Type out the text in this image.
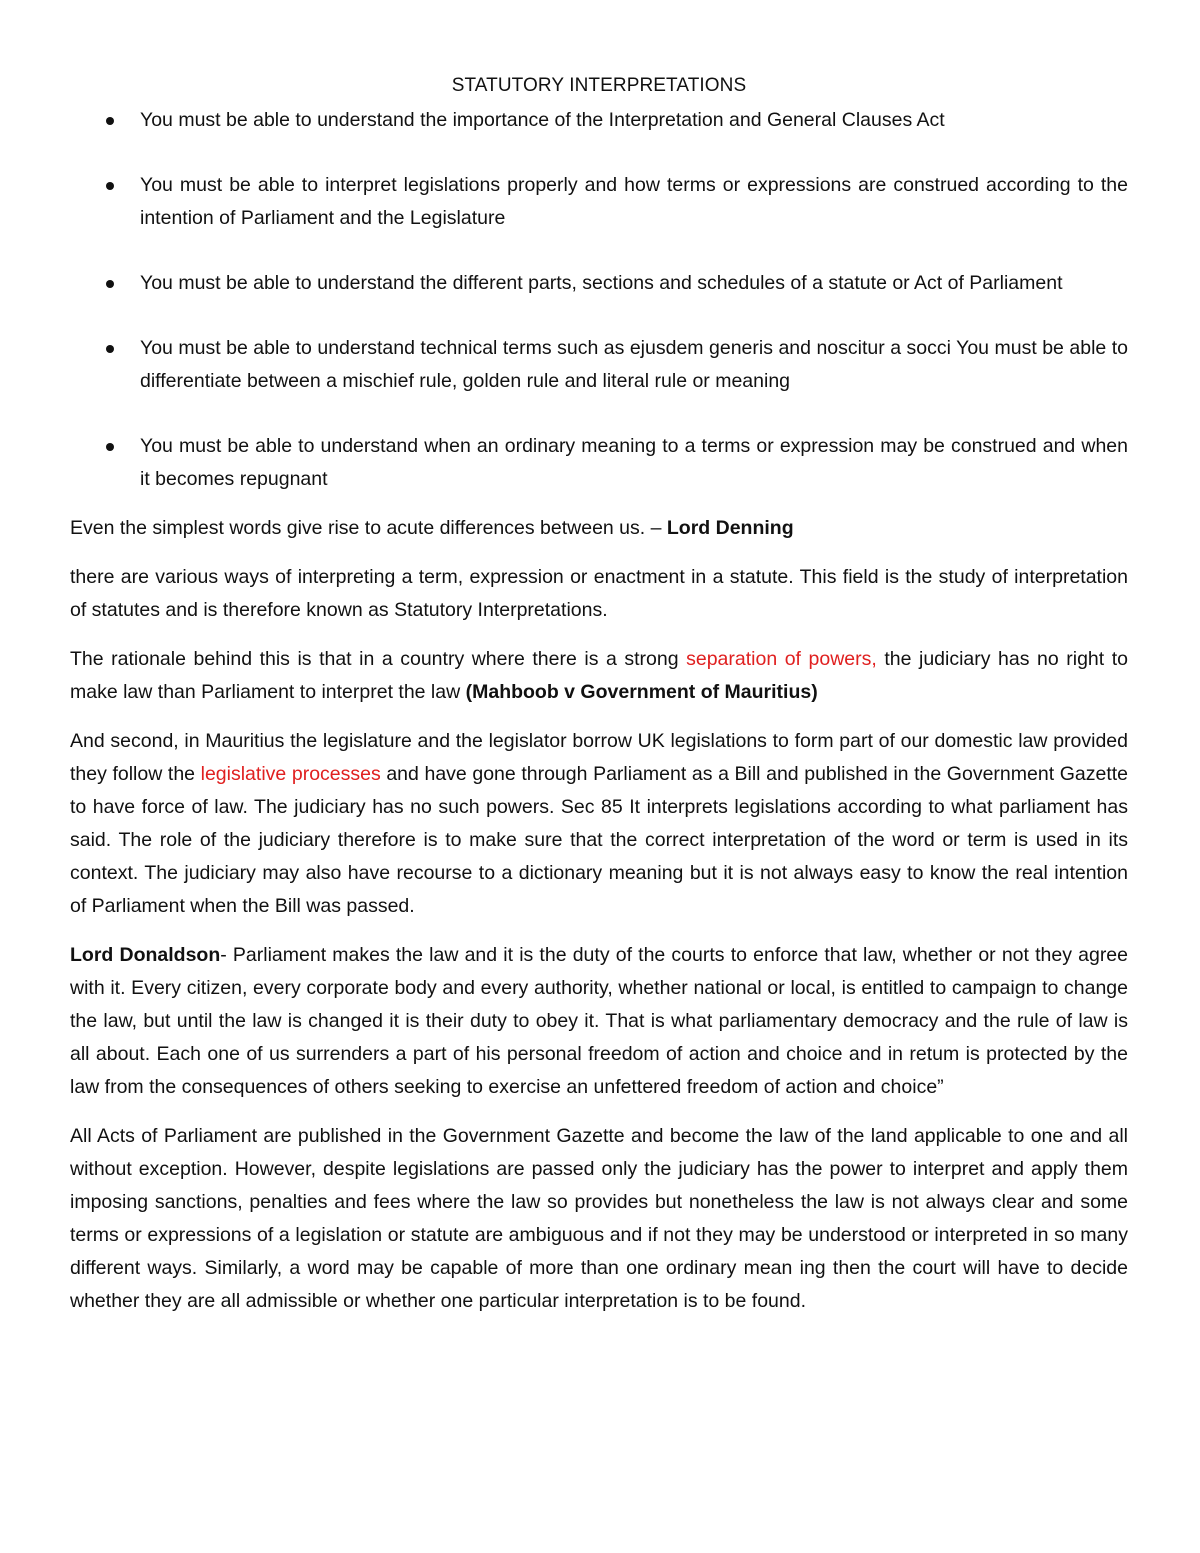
STATUTORY INTERPRETATIONS
You must be able to understand the importance of the Interpretation and General Clauses Act
You must be able to interpret legislations properly and how terms or expressions are construed according to the intention of Parliament and the Legislature
You must be able to understand the different parts, sections and schedules of a statute or Act of Parliament
You must be able to understand technical terms such as ejusdem generis and noscitur a socci You must be able to differentiate between a mischief rule, golden rule and literal rule or meaning
You must be able to understand when an ordinary meaning to a terms or expression may be construed and when it becomes repugnant

Even the simplest words give rise to acute differences between us. – Lord Denning

there are various ways of interpreting a term, expression or enactment in a statute. This field is the study of interpretation of statutes and is therefore known as Statutory Interpretations.

The rationale behind this is that in a country where there is a strong separation of powers, the judiciary has no right to make law than Parliament to interpret the law (Mahboob v Government of Mauritius)

And second, in Mauritius the legislature and the legislator borrow UK legislations to form part of our domestic law provided they follow the legislative processes and have gone through Parliament as a Bill and published in the Government Gazette to have force of law. The judiciary has no such powers. Sec 85 It interprets legislations according to what parliament has said. The role of the judiciary therefore is to make sure that the correct interpretation of the word or term is used in its context. The judiciary may also have recourse to a dictionary meaning but it is not always easy to know the real intention of Parliament when the Bill was passed.

Lord Donaldson- Parliament makes the law and it is the duty of the courts to enforce that law, whether or not they agree with it. Every citizen, every corporate body and every authority, whether national or local, is entitled to campaign to change the law, but until the law is changed it is their duty to obey it. That is what parliamentary democracy and the rule of law is all about. Each one of us surrenders a part of his personal freedom of action and choice and in retum is protected by the law from the consequences of others seeking to exercise an unfettered freedom of action and choice”

All Acts of Parliament are published in the Government Gazette and become the law of the land applicable to one and all without exception. However, despite legislations are passed only the judiciary has the power to interpret and apply them imposing sanctions, penalties and fees where the law so provides but nonetheless the law is not always clear and some terms or expressions of a legislation or statute are ambiguous and if not they may be understood or interpreted in so many different ways. Similarly, a word may be capable of more than one ordinary mean ing then the court will have to decide whether they are all admissible or whether one particular interpretation is to be found.
